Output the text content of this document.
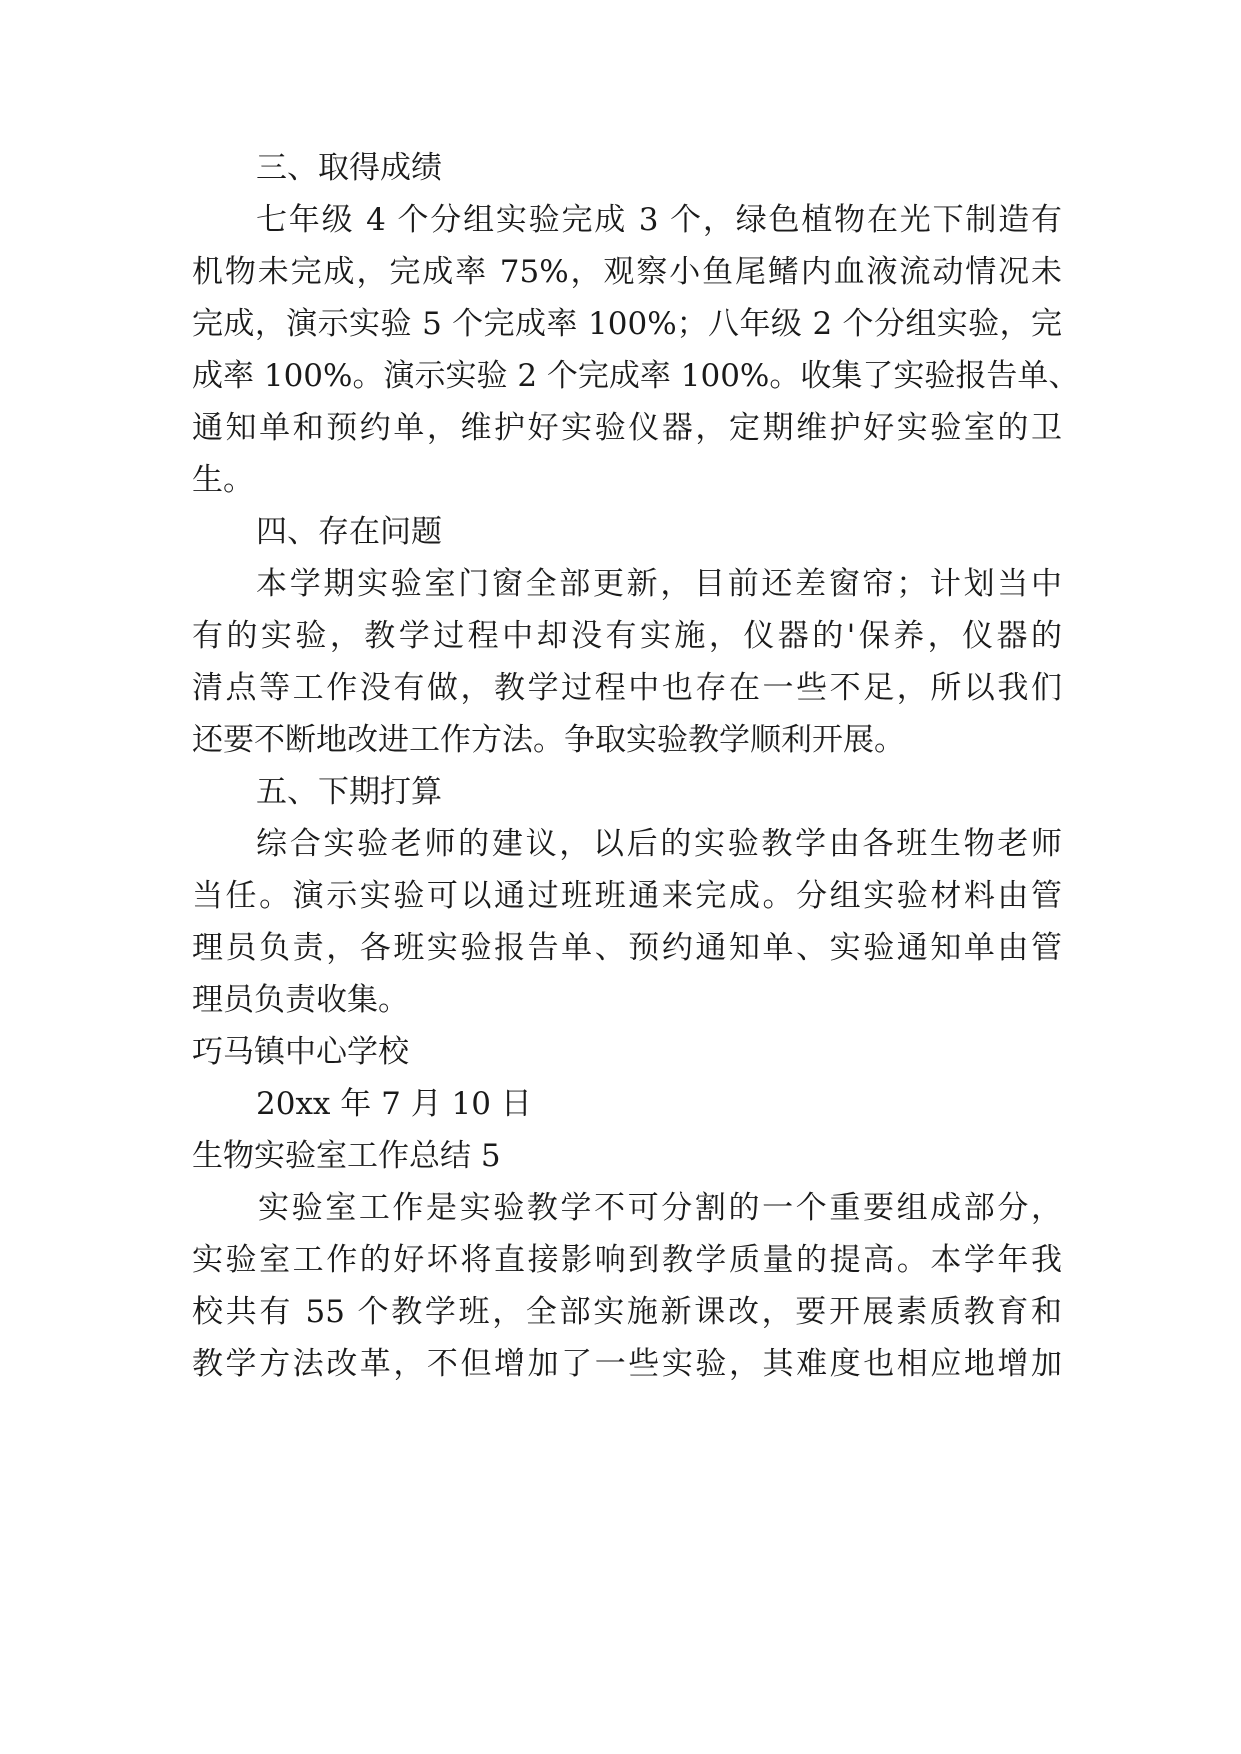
三、取得成绩

七年级 4 个分组实验完成 3 个，绿色植物在光下制造有

机物未完成，完成率 75%，观察小鱼尾鳍内血液流动情况未

完成，演示实验 5 个完成率 100%；八年级 2 个分组实验，完

成率 100%。演示实验 2 个完成率 100%。收集了实验报告单、

通知单和预约单，维护好实验仪器，定期维护好实验室的卫

生。

四、存在问题

本学期实验室门窗全部更新，目前还差窗帘；计划当中

有的实验，教学过程中却没有实施，仪器的'保养，仪器的

清点等工作没有做，教学过程中也存在一些不足，所以我们

还要不断地改进工作方法。争取实验教学顺利开展。

五、下期打算

综合实验老师的建议，以后的实验教学由各班生物老师

当任。演示实验可以通过班班通来完成。分组实验材料由管

理员负责，各班实验报告单、预约通知单、实验通知单由管

理员负责收集。

巧马镇中心学校

20xx 年 7 月 10 日

生物实验室工作总结 5

实验室工作是实验教学不可分割的一个重要组成部分，

实验室工作的好坏将直接影响到教学质量的提高。本学年我

校共有 55 个教学班，全部实施新课改，要开展素质教育和

教学方法改革，不但增加了一些实验，其难度也相应地增加
